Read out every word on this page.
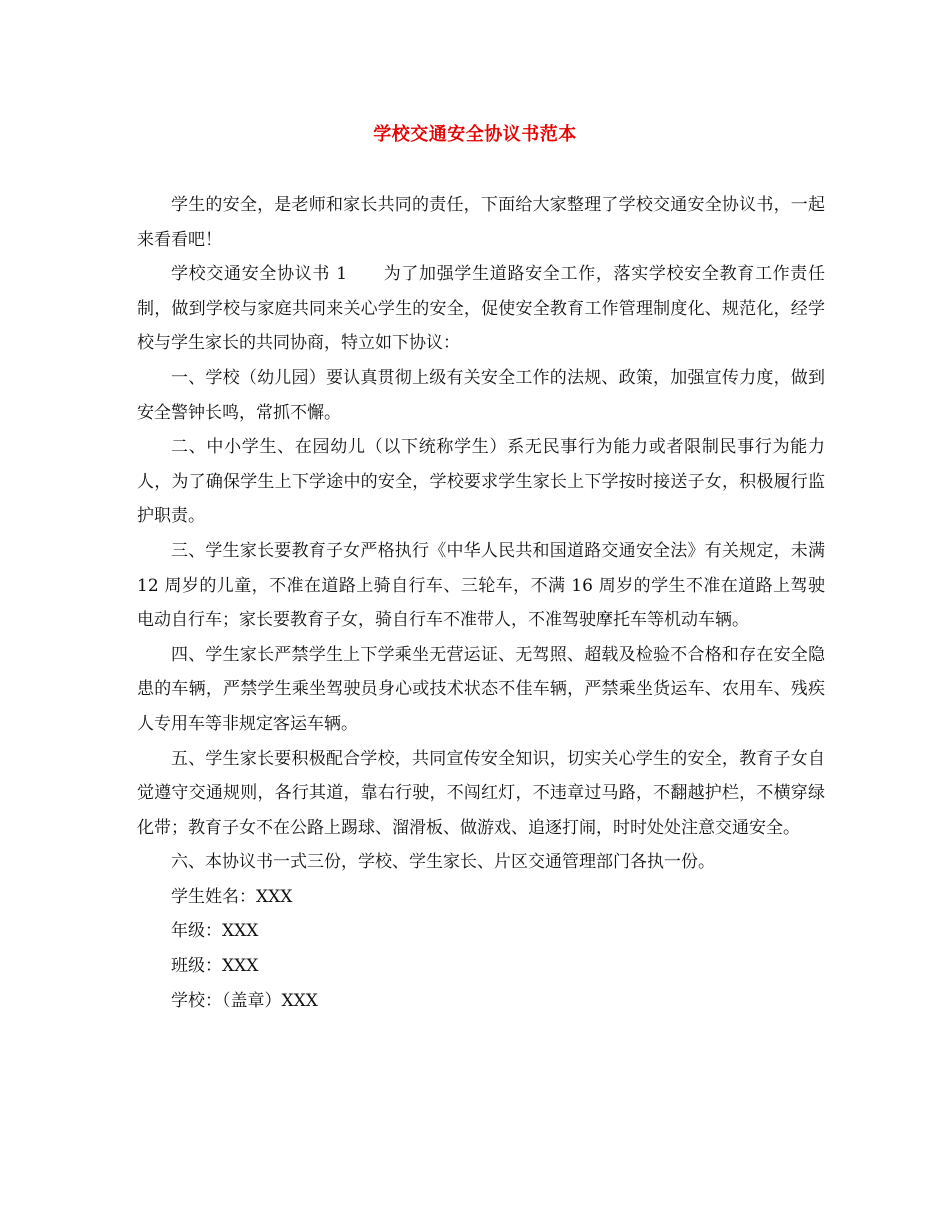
学校交通安全协议书范本

学生的安全，是老师和家长共同的责任，下面给大家整理了学校交通安全协议书，一起来看看吧！

学校交通安全协议书 1 为了加强学生道路安全工作，落实学校安全教育工作责任制，做到学校与家庭共同来关心学生的安全，促使安全教育工作管理制度化、规范化，经学校与学生家长的共同协商，特立如下协议：

一、学校（幼儿园）要认真贯彻上级有关安全工作的法规、政策，加强宣传力度，做到安全警钟长鸣，常抓不懈。

二、中小学生、在园幼儿（以下统称学生）系无民事行为能力或者限制民事行为能力人，为了确保学生上下学途中的安全，学校要求学生家长上下学按时接送子女，积极履行监护职责。

三、学生家长要教育子女严格执行《中华人民共和国道路交通安全法》有关规定，未满 12 周岁的儿童，不准在道路上骑自行车、三轮车，不满 16 周岁的学生不准在道路上驾驶电动自行车；家长要教育子女，骑自行车不准带人，不准驾驶摩托车等机动车辆。

四、学生家长严禁学生上下学乘坐无营运证、无驾照、超载及检验不合格和存在安全隐患的车辆，严禁学生乘坐驾驶员身心或技术状态不佳车辆，严禁乘坐货运车、农用车、残疾人专用车等非规定客运车辆。

五、学生家长要积极配合学校，共同宣传安全知识，切实关心学生的安全，教育子女自觉遵守交通规则，各行其道，靠右行驶，不闯红灯，不违章过马路，不翻越护栏，不横穿绿化带；教育子女不在公路上踢球、溜滑板、做游戏、追逐打闹，时时处处注意交通安全。

六、本协议书一式三份，学校、学生家长、片区交通管理部门各执一份。

学生姓名：XXX

年级：XXX

班级：XXX

学校：（盖章）XXX
